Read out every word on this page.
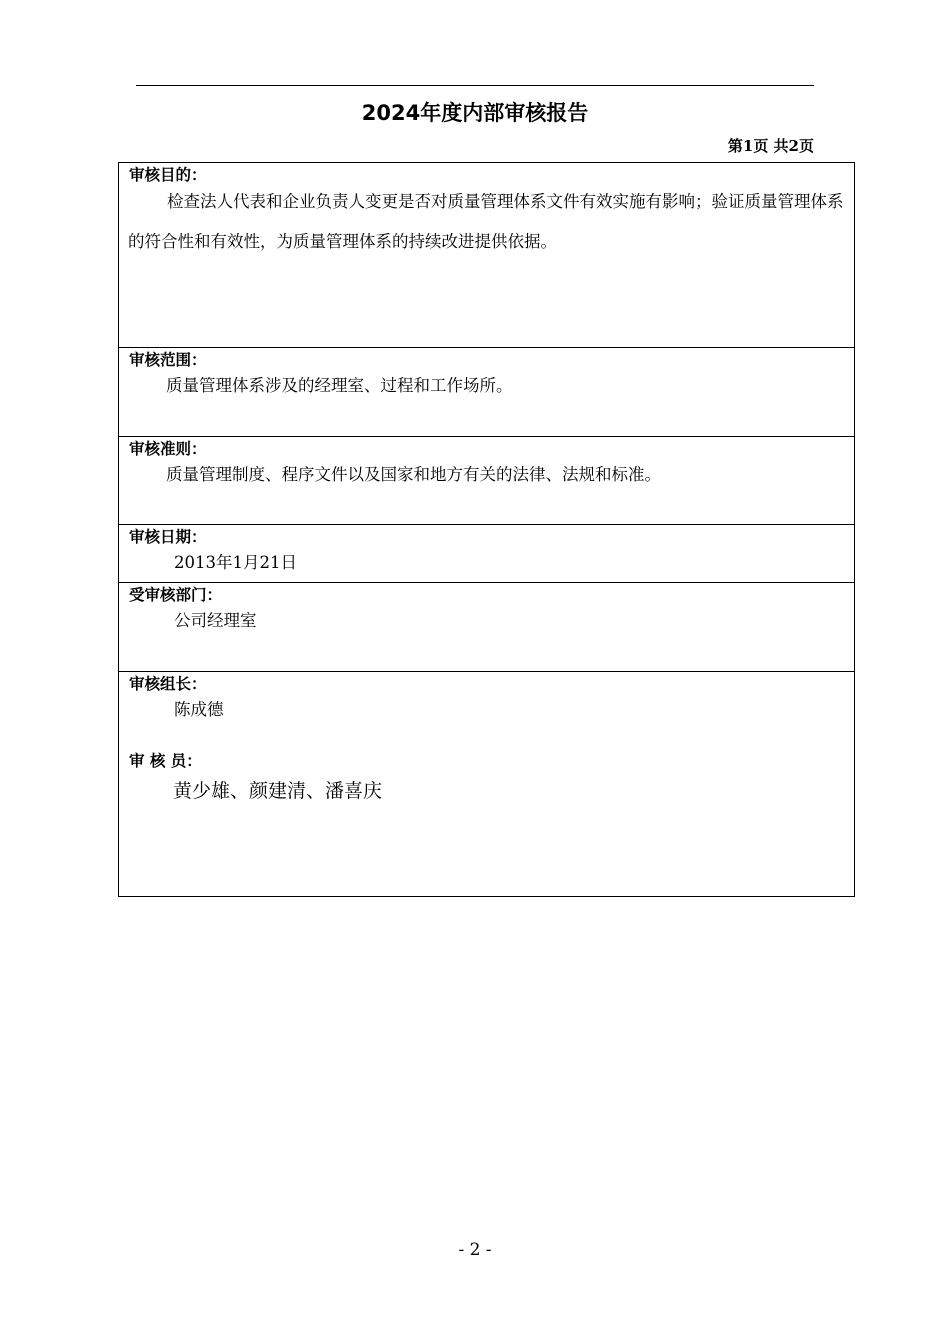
2024年度内部审核报告
第1页 共2页
审核目的：
检查法人代表和企业负责人变更是否对质量管理体系文件有效实施有影响；验证质量管理体系的符合性和有效性，为质量管理体系的持续改进提供依据。
审核范围：
质量管理体系涉及的经理室、过程和工作场所。
审核准则：
质量管理制度、程序文件以及国家和地方有关的法律、法规和标准。
审核日期：
2013年1月21日
受审核部门：
公司经理室
审核组长：
陈成德
审 核 员：
黄少雄、颜建清、潘喜庆
- 2 -
